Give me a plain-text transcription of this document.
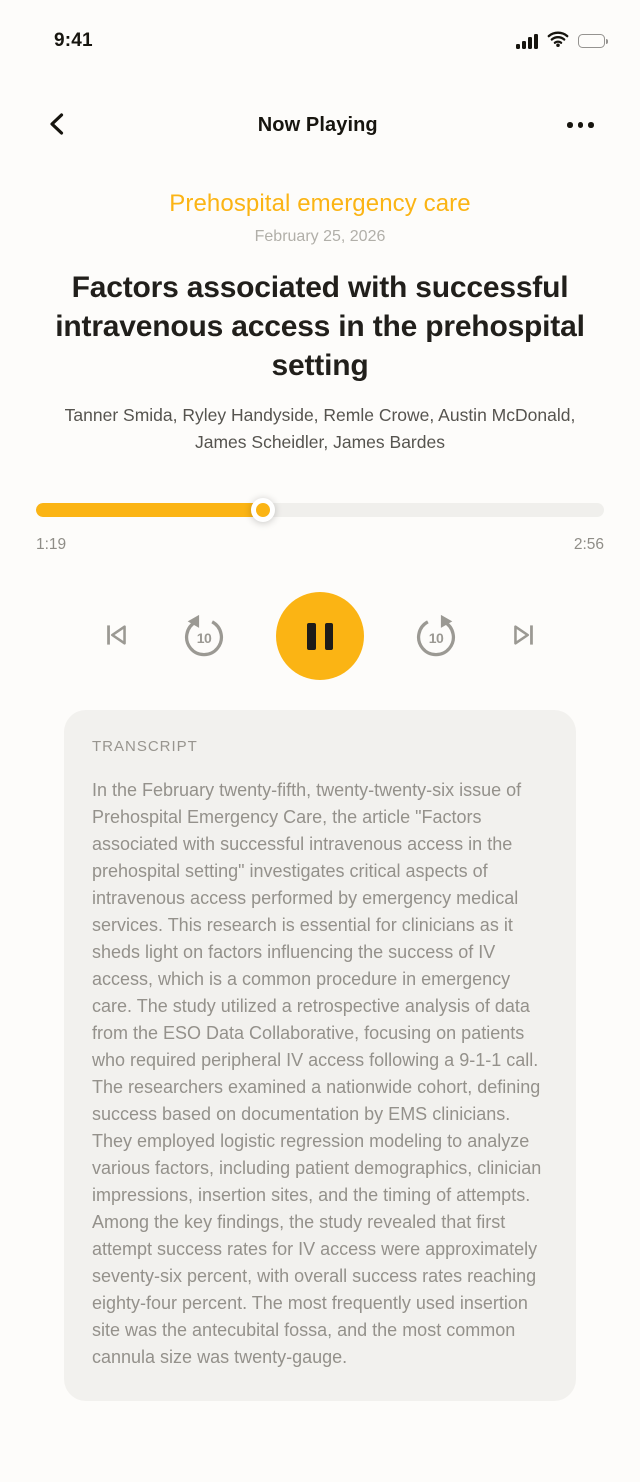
9:41
Now Playing
Prehospital emergency care
February 25, 2026
Factors associated with successful intravenous access in the prehospital setting
Tanner Smida, Ryley Handyside, Remle Crowe, Austin McDonald, James Scheidler, James Bardes
1:19	2:56
10	10
TRANSCRIPT

In the February twenty-fifth, twenty-twenty-six issue of Prehospital Emergency Care, the article "Factors associated with successful intravenous access in the prehospital setting" investigates critical aspects of intravenous access performed by emergency medical services. This research is essential for clinicians as it sheds light on factors influencing the success of IV access, which is a common procedure in emergency care. The study utilized a retrospective analysis of data from the ESO Data Collaborative, focusing on patients who required peripheral IV access following a 9-1-1 call. The researchers examined a nationwide cohort, defining success based on documentation by EMS clinicians. They employed logistic regression modeling to analyze various factors, including patient demographics, clinician impressions, insertion sites, and the timing of attempts. Among the key findings, the study revealed that first attempt success rates for IV access were approximately seventy-six percent, with overall success rates reaching eighty-four percent. The most frequently used insertion site was the antecubital fossa, and the most common cannula size was twenty-gauge.
